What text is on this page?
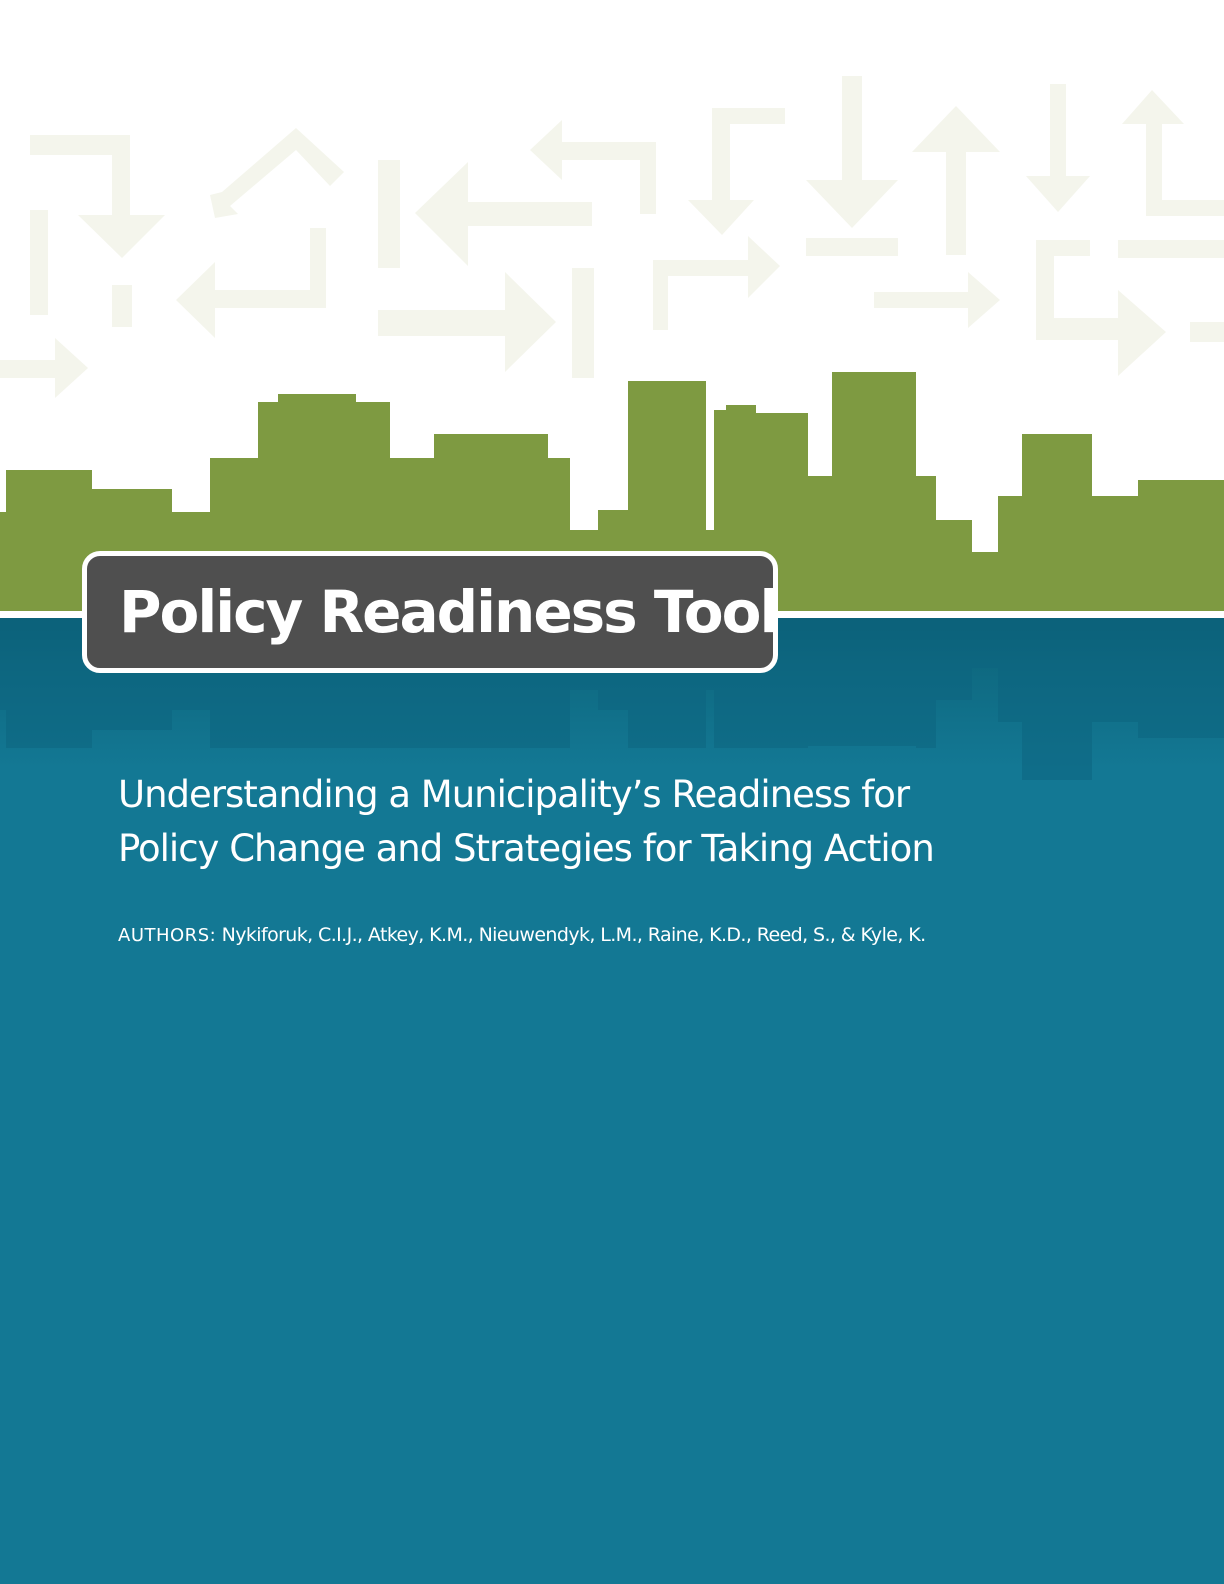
Policy Readiness Tool
Understanding a Municipality’s Readiness for
Policy Change and Strategies for Taking Action
AUTHORS: Nykiforuk, C.I.J., Atkey, K.M., Nieuwendyk, L.M., Raine, K.D., Reed, S., & Kyle, K.
